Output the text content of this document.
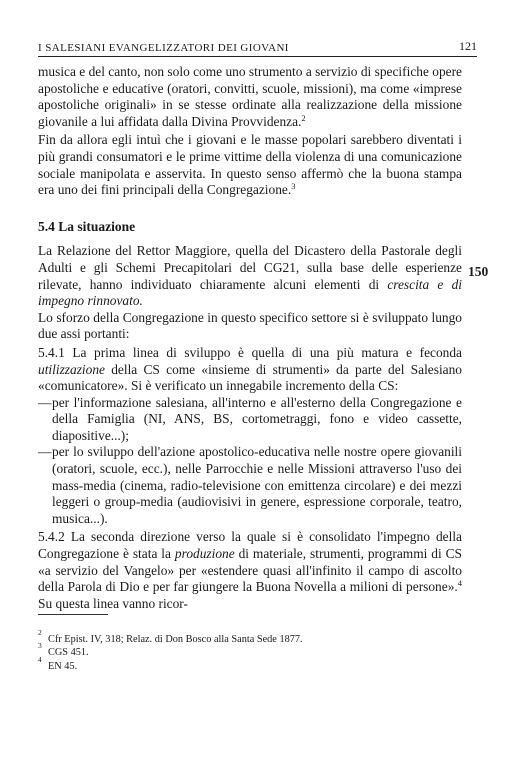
I SALESIANI EVANGELIZZATORI DEI GIOVANI	121

musica e del canto, non solo come uno strumento a servizio di specifiche opere apostoliche e educative (oratori, convitti, scuole, missioni), ma come «imprese apostoliche originali» in se stesse ordinate alla realizzazione della missione giovanile a lui affidata dalla Divina Provvidenza.$^2$

Fin da allora egli intuì che i giovani e le masse popolari sarebbero diventati i più grandi consumatori e le prime vittime della violenza di una comunicazione sociale manipolata e asservita. In questo senso affermò che la buona stampa era uno dei fini principali della Congregazione.$^3$

5.4 La situazione

La Relazione del Rettor Maggiore, quella del Dicastero della Pastorale degli Adulti e gli Schemi Precapitolari del CG21, sulla base delle esperienze rilevate, hanno individuato chiaramente alcuni elementi di crescita e di impegno rinnovato.

Lo sforzo della Congregazione in questo specifico settore si è sviluppato lungo due assi portanti:

5.4.1 La prima linea di sviluppo è quella di una più matura e feconda utilizzazione della CS come «insieme di strumenti» da parte del Salesiano «comunicatore». Si è verificato un innegabile incremento della CS:

— per l'informazione salesiana, all'interno e all'esterno della Congregazione e della Famiglia (NI, ANS, BS, cortometraggi, fono e video cassette, diapositive...);
— per lo sviluppo dell'azione apostolico-educativa nelle nostre opere giovanili (oratori, scuole, ecc.), nelle Parrocchie e nelle Missioni attraverso l'uso dei mass-media (cinema, radio-televisione con emittenza circolare) e dei mezzi leggeri o group-media (audiovisivi in genere, espressione corporale, teatro, musica...).

5.4.2 La seconda direzione verso la quale si è consolidato l'impegno della Congregazione è stata la produzione di materiale, strumenti, programmi di CS «a servizio del Vangelo» per «estendere quasi all'infinito il campo di ascolto della Parola di Dio e per far giungere la Buona Novella a milioni di persone».$^4$ Su questa linea vanno ricor-

150
2
Cfr Epist. IV, 318; Relaz. di Don Bosco alla Santa Sede 1877.
3
CGS 451.
4
EN 45.
